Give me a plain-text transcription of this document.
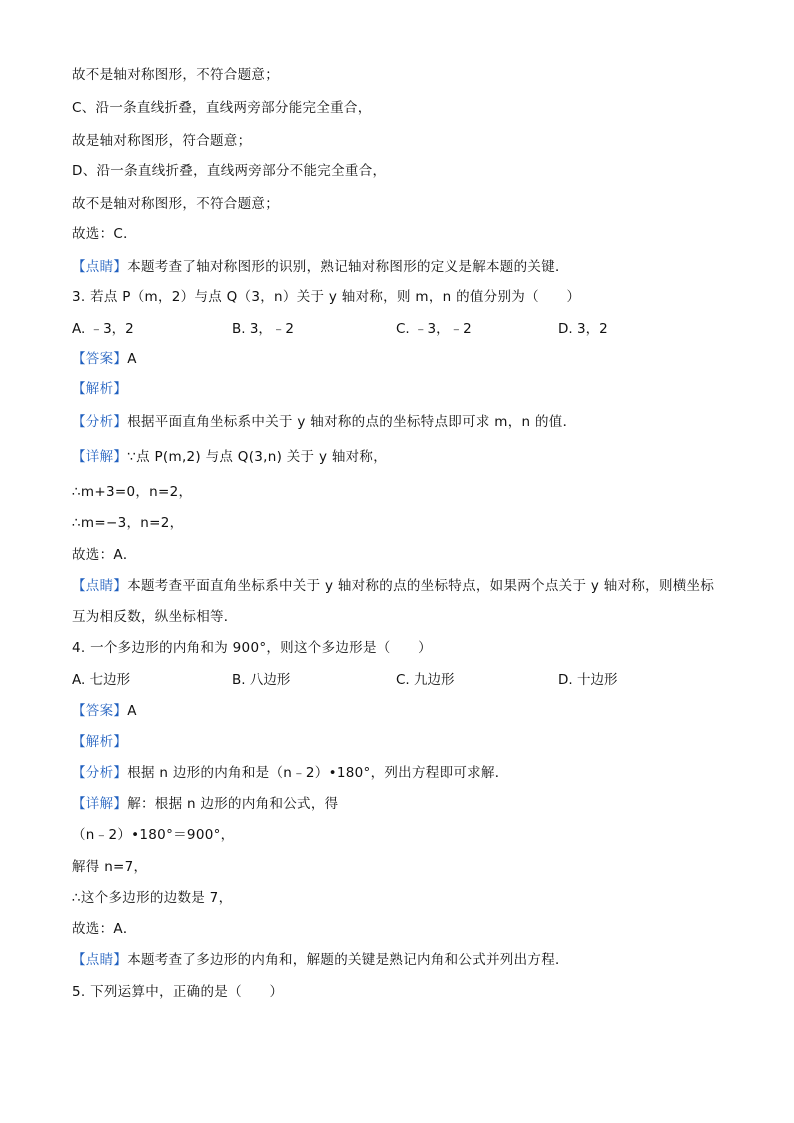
故不是轴对称图形，不符合题意；
C、沿一条直线折叠，直线两旁部分能完全重合，
故是轴对称图形，符合题意；
D、沿一条直线折叠，直线两旁部分不能完全重合，
故不是轴对称图形，不符合题意；
故选：C．
【点睛】本题考查了轴对称图形的识别，熟记轴对称图形的定义是解本题的关键．
3. 若点 P（m，2）与点 Q（3，n）关于 y 轴对称，则 m，n 的值分别为（　　）
A. ﹣3，2	B. 3，﹣2	C. ﹣3，﹣2	D. 3，2
【答案】A
【解析】
【分析】根据平面直角坐标系中关于 y 轴对称的点的坐标特点即可求 m，n 的值．
【详解】∵点 P(m,2) 与点 Q(3,n) 关于 y 轴对称，
∴m+3=0，n=2，
∴m=−3，n=2，
故选：A．
【点睛】本题考查平面直角坐标系中关于 y 轴对称的点的坐标特点，如果两个点关于 y 轴对称，则横坐标
互为相反数，纵坐标相等．
4. 一个多边形的内角和为 900°，则这个多边形是（　　）
A. 七边形	B. 八边形	C. 九边形	D. 十边形
【答案】A
【解析】
【分析】根据 n 边形的内角和是（n﹣2）•180°，列出方程即可求解．
【详解】解：根据 n 边形的内角和公式，得
（n﹣2）•180°＝900°，
解得 n=7，
∴这个多边形的边数是 7，
故选：A．
【点睛】本题考查了多边形的内角和，解题的关键是熟记内角和公式并列出方程．
5. 下列运算中，正确的是（　　）
